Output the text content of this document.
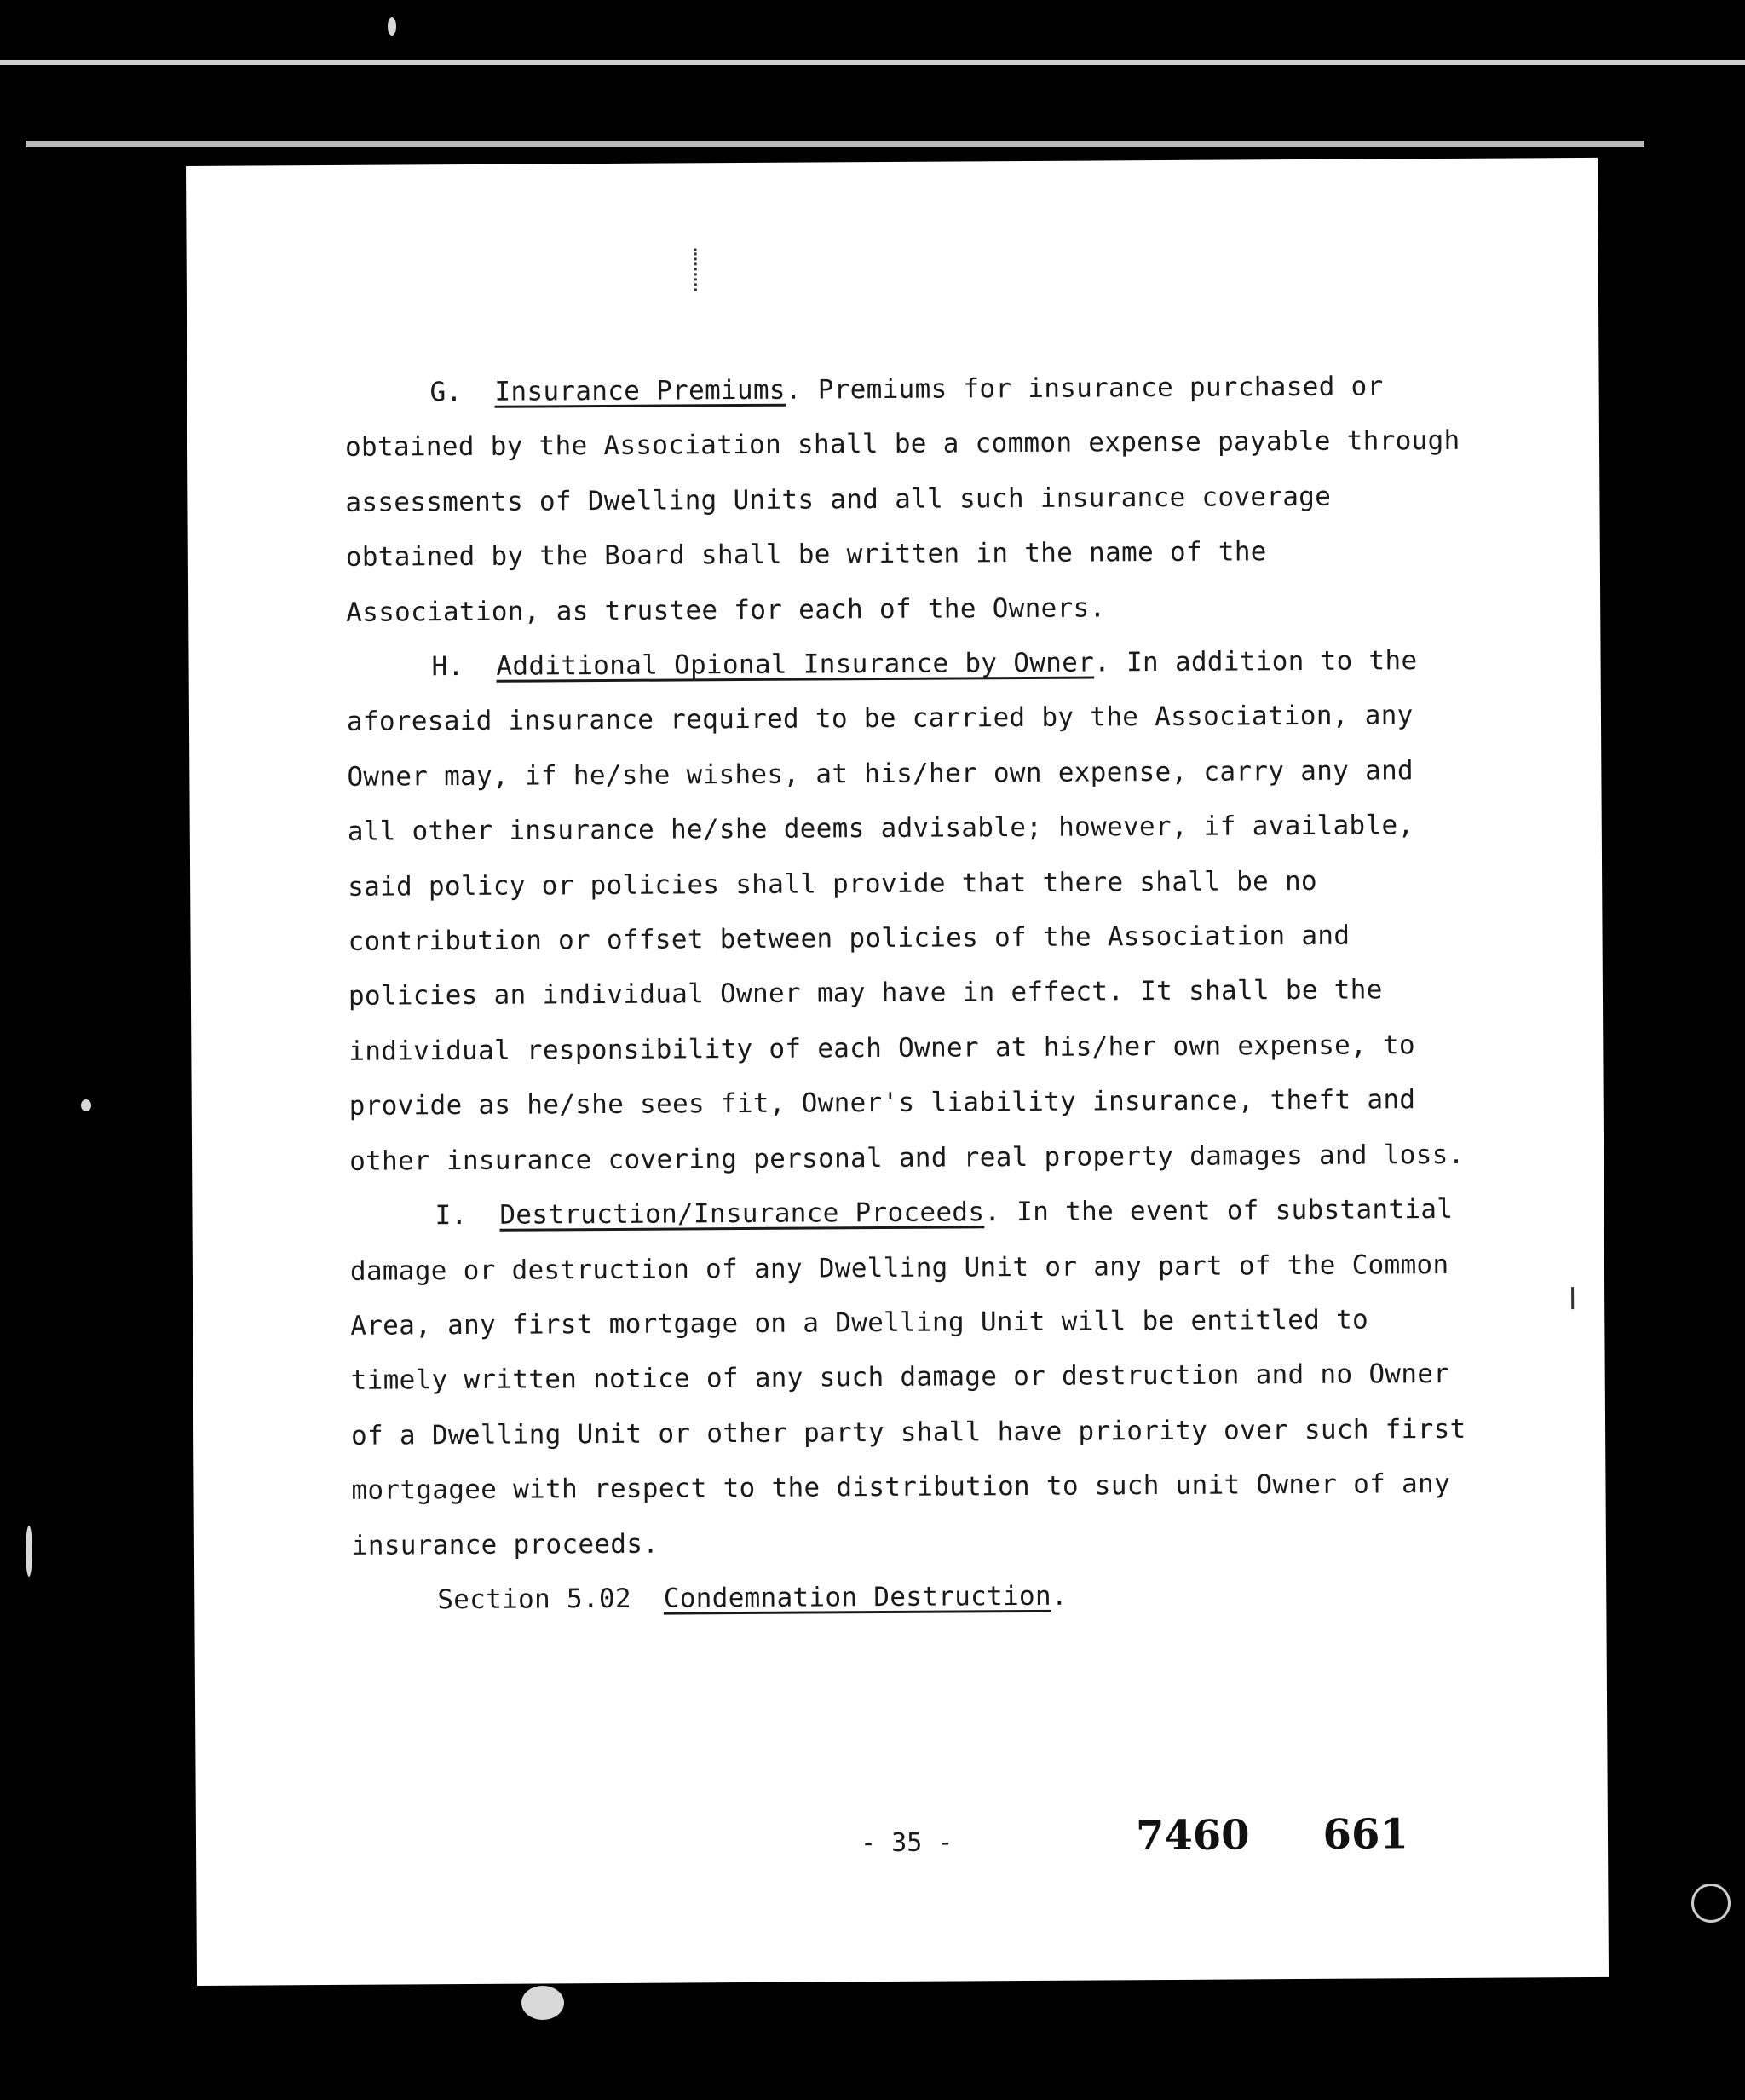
G. Insurance Premiums. Premiums for insurance purchased or obtained by the Association shall be a common expense payable through assessments of Dwelling Units and all such insurance coverage obtained by the Board shall be written in the name of the Association, as trustee for each of the Owners.

H. Additional Opional Insurance by Owner. In addition to the aforesaid insurance required to be carried by the Association, any Owner may, if he/she wishes, at his/her own expense, carry any and all other insurance he/she deems advisable; however, if available, said policy or policies shall provide that there shall be no contribution or offset between policies of the Association and policies an individual Owner may have in effect. It shall be the individual responsibility of each Owner at his/her own expense, to provide as he/she sees fit, Owner's liability insurance, theft and other insurance covering personal and real property damages and loss.

I. Destruction/Insurance Proceeds. In the event of substantial damage or destruction of any Dwelling Unit or any part of the Common Area, any first mortgage on a Dwelling Unit will be entitled to timely written notice of any such damage or destruction and no Owner of a Dwelling Unit or other party shall have priority over such first mortgagee with respect to the distribution to such unit Owner of any insurance proceeds.

Section 5.02 Condemnation Destruction.

- 35 -	7460 661
